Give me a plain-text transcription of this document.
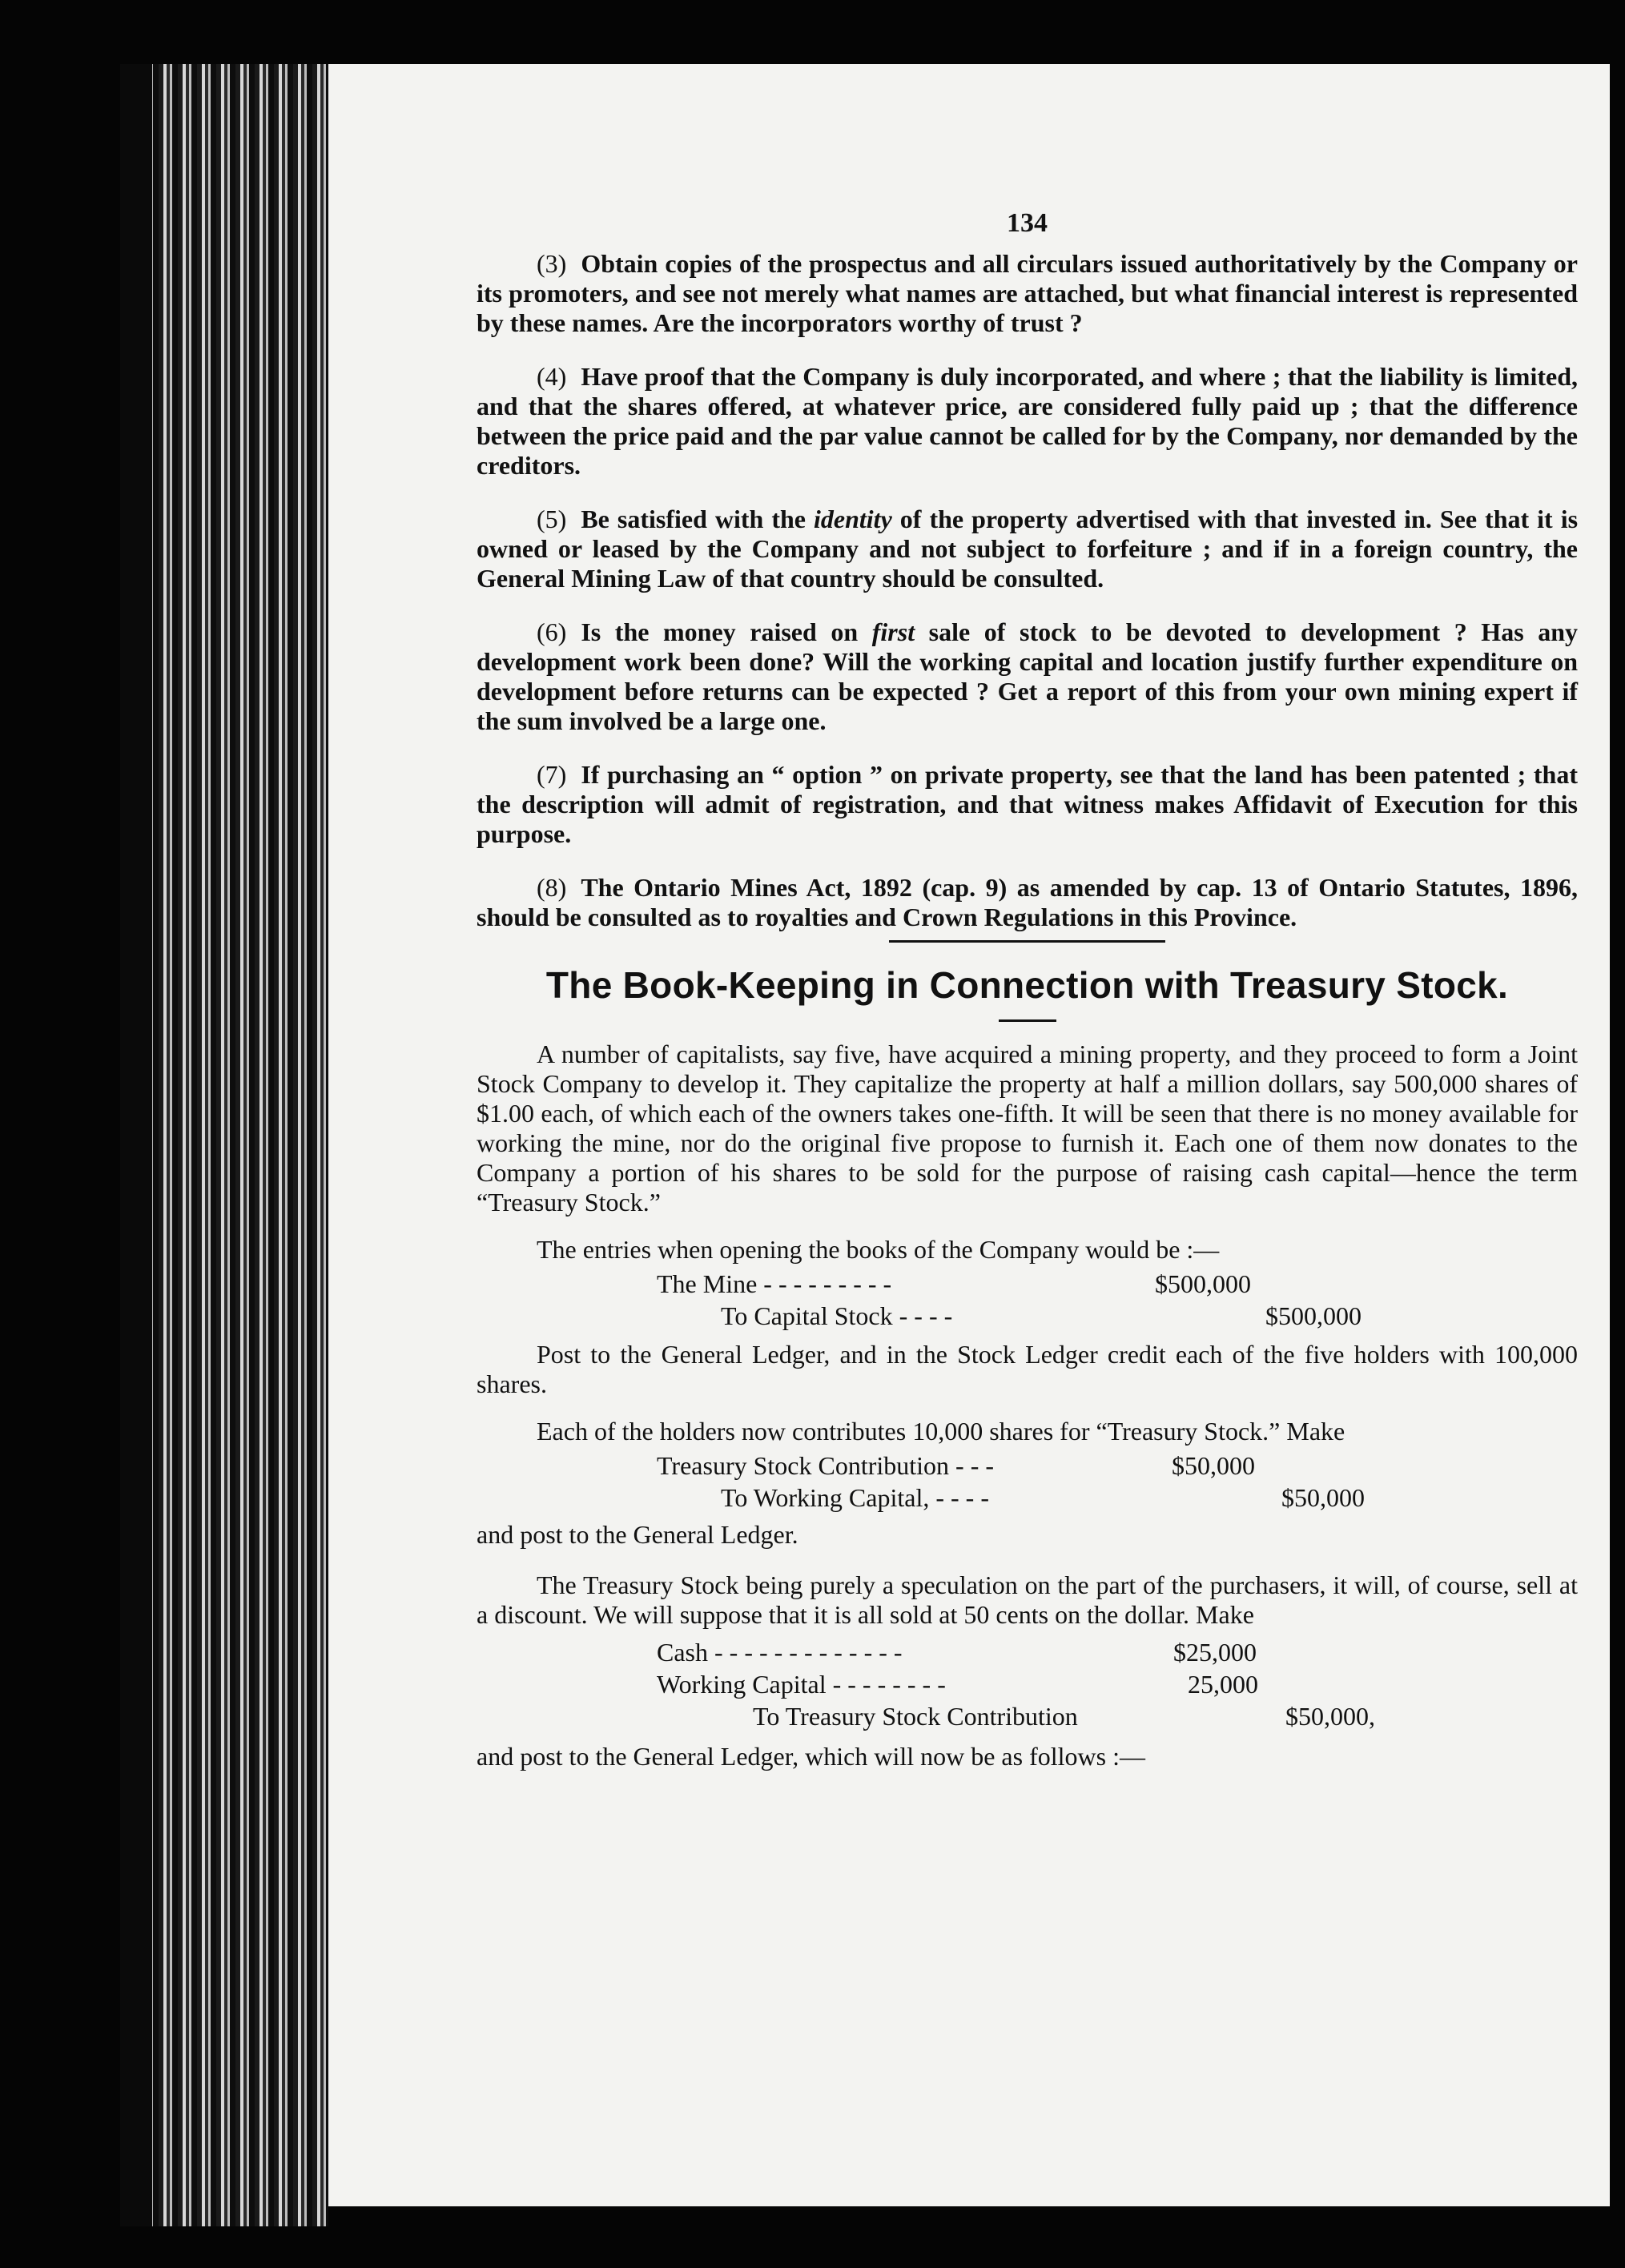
134

(3) Obtain copies of the prospectus and all circulars issued authoritatively by the Company or its promoters, and see not merely what names are attached, but what financial interest is represented by these names. Are the incorporators worthy of trust ?

(4) Have proof that the Company is duly incorporated, and where ; that the liability is limited, and that the shares offered, at whatever price, are considered fully paid up ; that the difference between the price paid and the par value cannot be called for by the Company, nor demanded by the creditors.

(5) Be satisfied with the identity of the property advertised with that invested in. See that it is owned or leased by the Company and not subject to forfeiture ; and if in a foreign country, the General Mining Law of that country should be consulted.

(6) Is the money raised on first sale of stock to be devoted to development ? Has any development work been done? Will the working capital and location justify further expenditure on development before returns can be expected ? Get a report of this from your own mining expert if the sum involved be a large one.

(7) If purchasing an “ option ” on private property, see that the land has been patented ; that the description will admit of registration, and that witness makes Affidavit of Execution for this purpose.

(8) The Ontario Mines Act, 1892 (cap. 9) as amended by cap. 13 of Ontario Statutes, 1896, should be consulted as to royalties and Crown Regulations in this Province.

The Book-Keeping in Connection with Treasury Stock.

A number of capitalists, say five, have acquired a mining property, and they proceed to form a Joint Stock Company to develop it. They capitalize the property at half a million dollars, say 500,000 shares of $1.00 each, of which each of the owners takes one-fifth. It will be seen that there is no money available for working the mine, nor do the original five propose to furnish it. Each one of them now donates to the Company a portion of his shares to be sold for the purpose of raising cash capital—hence the term “Treasury Stock.”

The entries when opening the books of the Company would be :—

The Mine - - - - - - - - -	$500,000
To Capital Stock - - - -	$500,000

Post to the General Ledger, and in the Stock Ledger credit each of the five holders with 100,000 shares.

Each of the holders now contributes 10,000 shares for “Treasury Stock.” Make

Treasury Stock Contribution - - -	$50,000
To Working Capital, - - - -	$50,000

and post to the General Ledger.

The Treasury Stock being purely a speculation on the part of the purchasers, it will, of course, sell at a discount. We will suppose that it is all sold at 50 cents on the dollar. Make

Cash - - - - - - - - - - - - -	$25,000
Working Capital - - - - - - - -	25,000
To Treasury Stock Contribution	$50,000,

and post to the General Ledger, which will now be as follows :—
